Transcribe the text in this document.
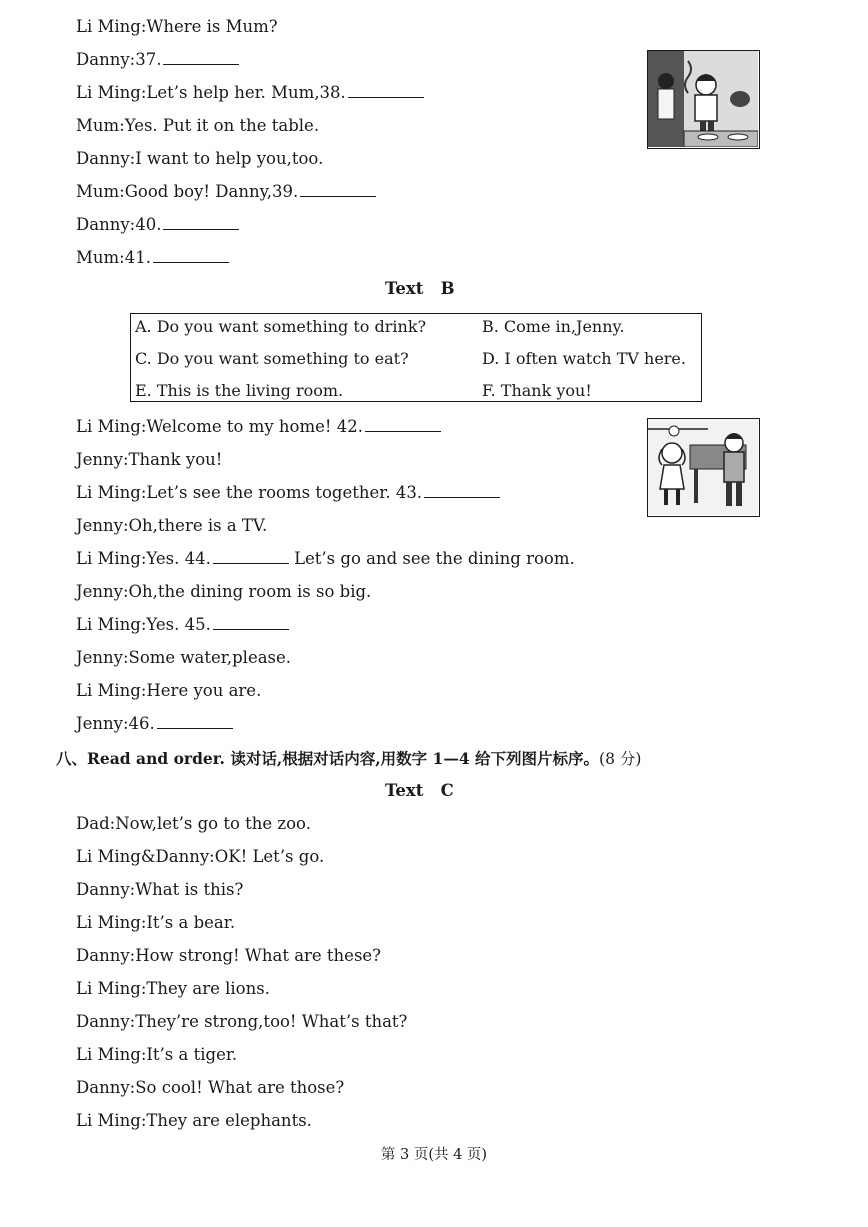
Li Ming:Where is Mum?
Danny:37.
Li Ming:Let’s help her. Mum,38.
Mum:Yes. Put it on the table.
Danny:I want to help you,too.
Mum:Good boy! Danny,39.
Danny:40.
Mum:41.
Text   B
A. Do you want something to drink?	B. Come in,Jenny.
C. Do you want something to eat?	D. I often watch TV here.
E. This is the living room.	F. Thank you!
Li Ming:Welcome to my home! 42.
Jenny:Thank you!
Li Ming:Let’s see the rooms together. 43.
Jenny:Oh,there is a TV.
Li Ming:Yes. 44.	Let’s go and see the dining room.
Jenny:Oh,the dining room is so big.
Li Ming:Yes. 45.
Jenny:Some water,please.
Li Ming:Here you are.
Jenny:46.
八、Read and order. 读对话,根据对话内容,用数字 1—4 给下列图片标序。(8 分)
Text   C
Dad:Now,let’s go to the zoo.
Li Ming&Danny:OK! Let’s go.
Danny:What is this?
Li Ming:It’s a bear.
Danny:How strong! What are these?
Li Ming:They are lions.
Danny:They’re strong,too! What’s that?
Li Ming:It’s a tiger.
Danny:So cool! What are those?
Li Ming:They are elephants.
第 3 页(共 4 页)
